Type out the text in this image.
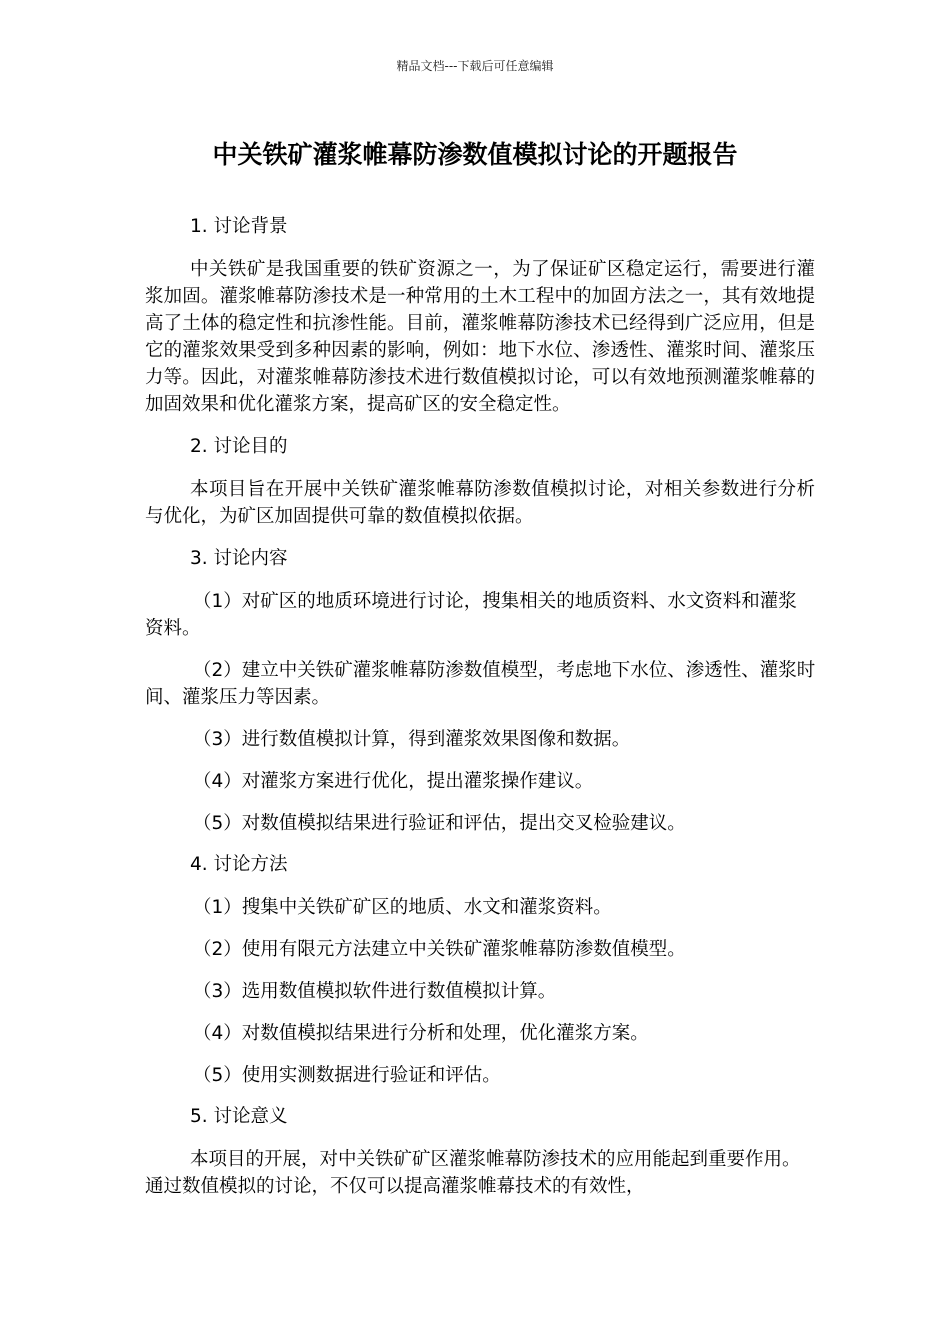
精品文档---下载后可任意编辑
中关铁矿灌浆帷幕防渗数值模拟讨论的开题报告

1. 讨论背景

中关铁矿是我国重要的铁矿资源之一，为了保证矿区稳定运行，需要进行灌浆加固。灌浆帷幕防渗技术是一种常用的土木工程中的加固方法之一，其有效地提高了土体的稳定性和抗渗性能。目前，灌浆帷幕防渗技术已经得到广泛应用，但是它的灌浆效果受到多种因素的影响，例如：地下水位、渗透性、灌浆时间、灌浆压力等。因此，对灌浆帷幕防渗技术进行数值模拟讨论，可以有效地预测灌浆帷幕的加固效果和优化灌浆方案，提高矿区的安全稳定性。

2. 讨论目的

本项目旨在开展中关铁矿灌浆帷幕防渗数值模拟讨论，对相关参数进行分析与优化，为矿区加固提供可靠的数值模拟依据。

3. 讨论内容

（1）对矿区的地质环境进行讨论，搜集相关的地质资料、水文资料和灌浆资料。

（2）建立中关铁矿灌浆帷幕防渗数值模型，考虑地下水位、渗透性、灌浆时间、灌浆压力等因素。

（3）进行数值模拟计算，得到灌浆效果图像和数据。

（4）对灌浆方案进行优化，提出灌浆操作建议。

（5）对数值模拟结果进行验证和评估，提出交叉检验建议。

4. 讨论方法

（1）搜集中关铁矿矿区的地质、水文和灌浆资料。

（2）使用有限元方法建立中关铁矿灌浆帷幕防渗数值模型。

（3）选用数值模拟软件进行数值模拟计算。

（4）对数值模拟结果进行分析和处理，优化灌浆方案。

（5）使用实测数据进行验证和评估。

5. 讨论意义

本项目的开展，对中关铁矿矿区灌浆帷幕防渗技术的应用能起到重要作用。通过数值模拟的讨论，不仅可以提高灌浆帷幕技术的有效性，
